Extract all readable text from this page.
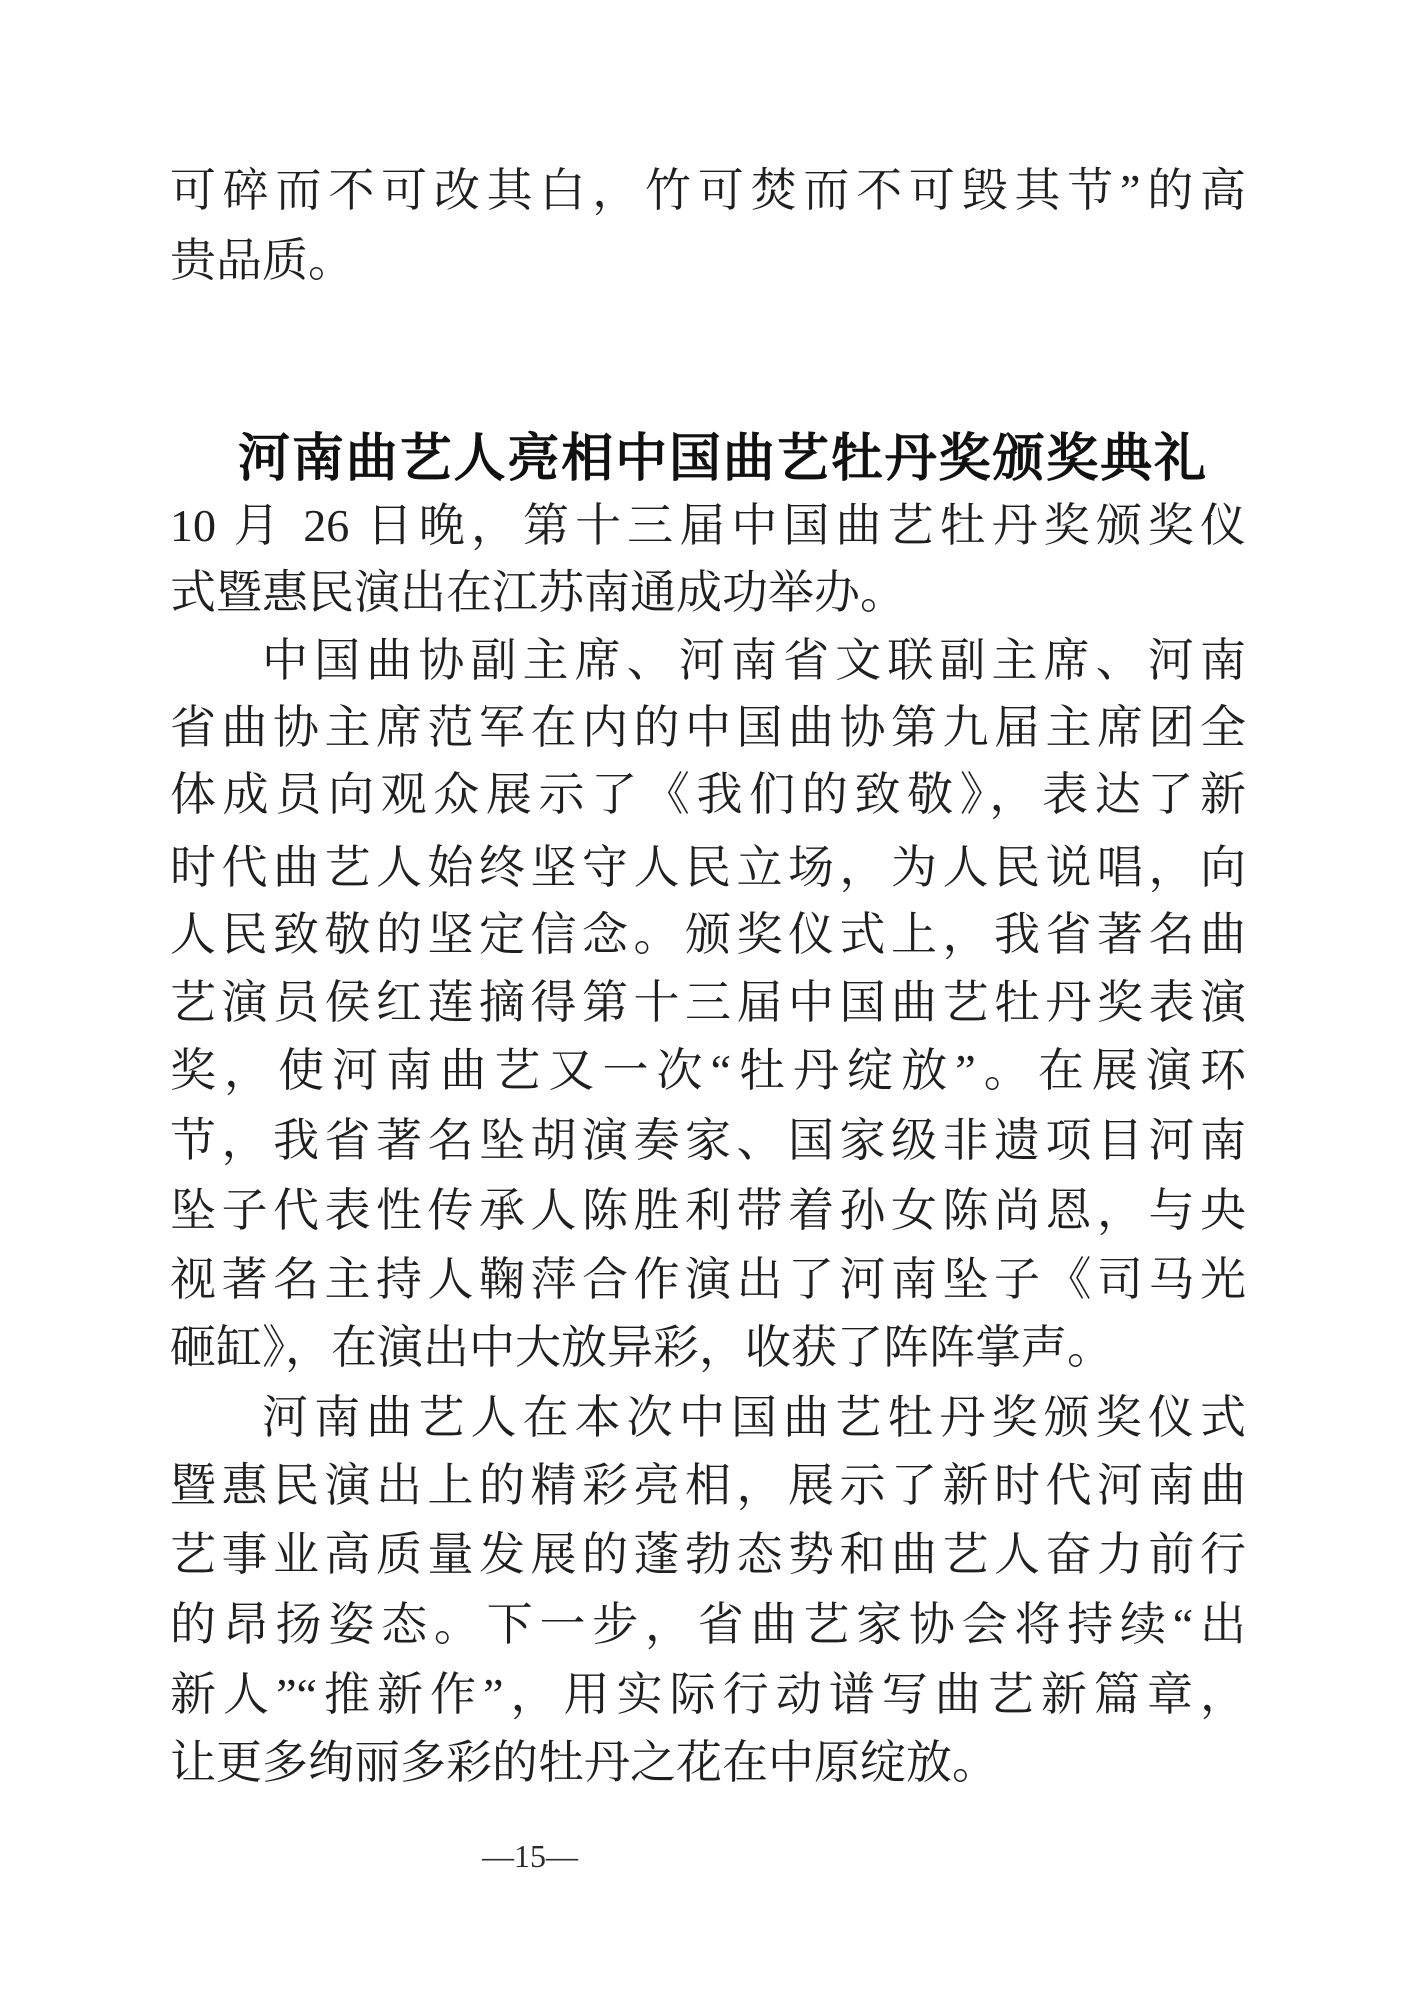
可碎而不可改其白，竹可焚而不可毁其节”的高
贵品质。
河南曲艺人亮相中国曲艺牡丹奖颁奖典礼
10 月 26 日晚，第十三届中国曲艺牡丹奖颁奖仪
式暨惠民演出在江苏南通成功举办。
中国曲协副主席、河南省文联副主席、河南
省曲协主席范军在内的中国曲协第九届主席团全
体成员向观众展示了《我们的致敬》，表达了新
时代曲艺人始终坚守人民立场，为人民说唱，向
人民致敬的坚定信念。颁奖仪式上，我省著名曲
艺演员侯红莲摘得第十三届中国曲艺牡丹奖表演
奖，使河南曲艺又一次“牡丹绽放”。在展演环
节，我省著名坠胡演奏家、国家级非遗项目河南
坠子代表性传承人陈胜利带着孙女陈尚恩，与央
视著名主持人鞠萍合作演出了河南坠子《司马光
砸缸》，在演出中大放异彩，收获了阵阵掌声。
河南曲艺人在本次中国曲艺牡丹奖颁奖仪式
暨惠民演出上的精彩亮相，展示了新时代河南曲
艺事业高质量发展的蓬勃态势和曲艺人奋力前行
的昂扬姿态。下一步，省曲艺家协会将持续“出
新人”“推新作”，用实际行动谱写曲艺新篇章，
让更多绚丽多彩的牡丹之花在中原绽放。
—15—
